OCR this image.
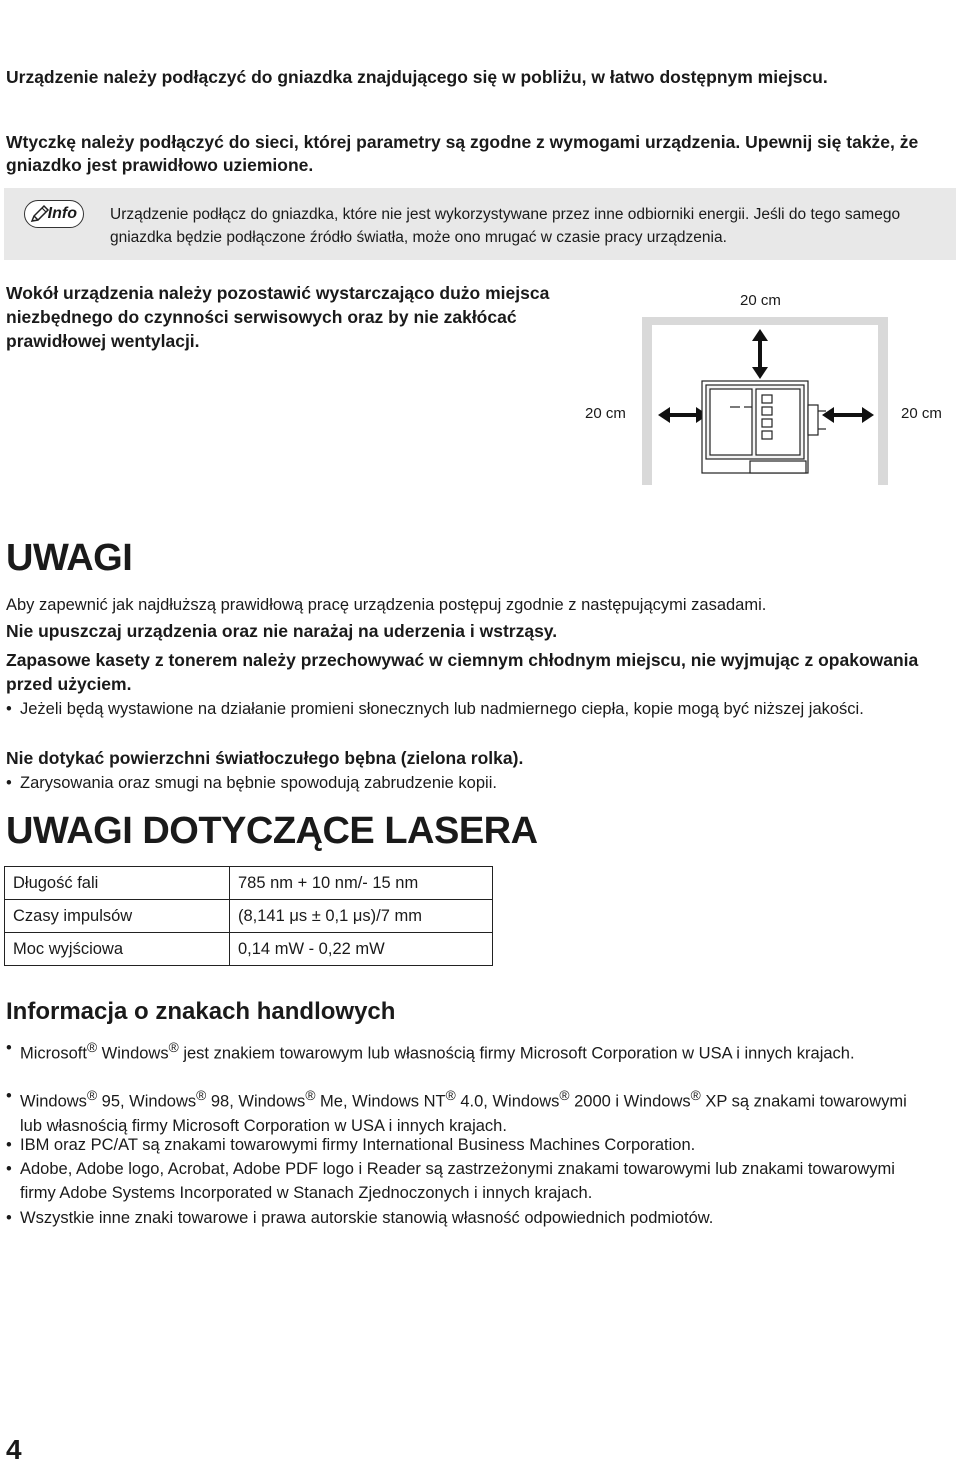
Urządzenie należy podłączyć do gniazdka znajdującego się w pobliżu, w łatwo dostępnym miejscu.
Wtyczkę należy podłączyć do sieci, której parametry są zgodne z wymogami urządzenia. Upewnij się także, że gniazdko jest prawidłowo uziemione.
Info	Urządzenie podłącz do gniazdka, które nie jest wykorzystywane przez inne odbiorniki energii. Jeśli do tego samego gniazdka będzie podłączone źródło światła, może ono mrugać w czasie pracy urządzenia.
Wokół urządzenia należy pozostawić wystarczająco dużo miejsca niezbędnego do czynności serwisowych oraz by nie zakłócać prawidłowej wentylacji.
20 cm
20 cm	20 cm
UWAGI
Aby zapewnić jak najdłuższą prawidłową pracę urządzenia postępuj zgodnie z następującymi zasadami.
Nie upuszczaj urządzenia oraz nie narażaj na uderzenia i wstrząsy.
Zapasowe kasety z tonerem należy przechowywać w ciemnym chłodnym miejscu, nie wyjmując z opakowania przed użyciem.
• Jeżeli będą wystawione na działanie promieni słonecznych lub nadmiernego ciepła, kopie mogą być niższej jakości.
Nie dotykać powierzchni światłoczułego bębna (zielona rolka).
• Zarysowania oraz smugi na bębnie spowodują zabrudzenie kopii.
UWAGI DOTYCZĄCE LASERA
Długość fali	785 nm + 10 nm/- 15 nm
Czasy impulsów	(8,141 μs ± 0,1 μs)/7 mm
Moc wyjściowa	0,14 mW - 0,22 mW
Informacja o znakach handlowych
• Microsoft® Windows® jest znakiem towarowym lub własnością firmy Microsoft Corporation w USA i innych krajach.
• Windows® 95, Windows® 98, Windows® Me, Windows NT® 4.0, Windows® 2000 i Windows® XP są znakami towarowymi lub własnością firmy Microsoft Corporation w USA i innych krajach.
• IBM oraz PC/AT są znakami towarowymi firmy International Business Machines Corporation.
• Adobe, Adobe logo, Acrobat, Adobe PDF logo i Reader są zastrzeżonymi znakami towarowymi lub znakami towarowymi firmy Adobe Systems Incorporated w Stanach Zjednoczonych i innych krajach.
• Wszystkie inne znaki towarowe i prawa autorskie stanowią własność odpowiednich podmiotów.
4
